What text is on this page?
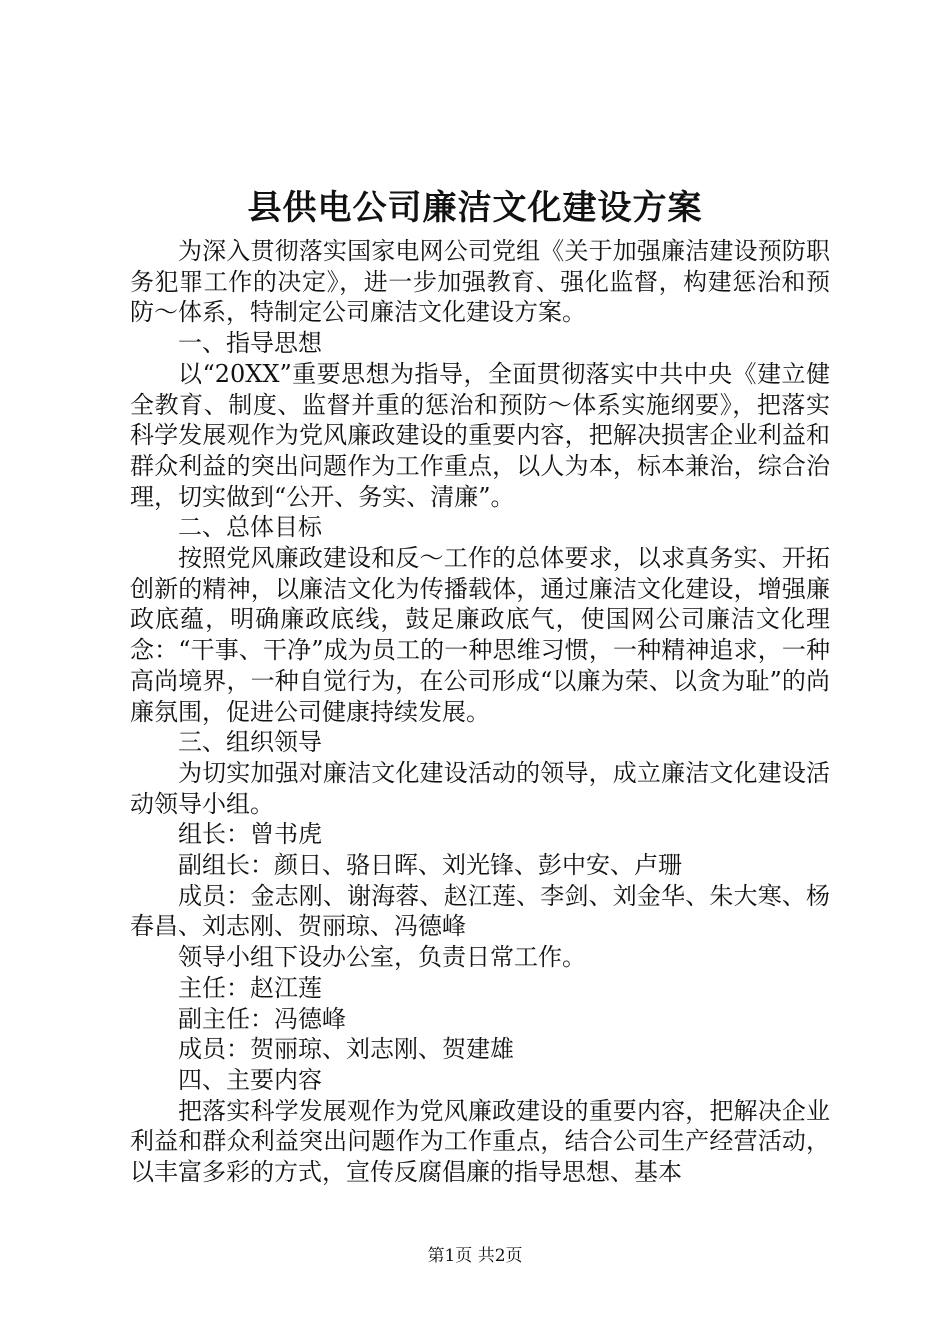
县供电公司廉洁文化建设方案

为深入贯彻落实国家电网公司党组《关于加强廉洁建设预防职务犯罪工作的决定》，进一步加强教育、强化监督，构建惩治和预防～体系，特制定公司廉洁文化建设方案。

一、指导思想

以“20XX”重要思想为指导，全面贯彻落实中共中央《建立健全教育、制度、监督并重的惩治和预防～体系实施纲要》，把落实科学发展观作为党风廉政建设的重要内容，把解决损害企业利益和群众利益的突出问题作为工作重点，以人为本，标本兼治，综合治理，切实做到“公开、务实、清廉”。

二、总体目标

按照党风廉政建设和反～工作的总体要求，以求真务实、开拓创新的精神，以廉洁文化为传播载体，通过廉洁文化建设，增强廉政底蕴，明确廉政底线，鼓足廉政底气，使国网公司廉洁文化理念：“干事、干净”成为员工的一种思维习惯，一种精神追求，一种高尚境界，一种自觉行为，在公司形成“以廉为荣、以贪为耻”的尚廉氛围，促进公司健康持续发展。

三、组织领导

为切实加强对廉洁文化建设活动的领导，成立廉洁文化建设活动领导小组。

组长：曾书虎

副组长：颜日、骆日晖、刘光锋、彭中安、卢珊

成员：金志刚、谢海蓉、赵江莲、李剑、刘金华、朱大寒、杨春昌、刘志刚、贺丽琼、冯德峰

领导小组下设办公室，负责日常工作。

主任：赵江莲

副主任：冯德峰

成员：贺丽琼、刘志刚、贺建雄

四、主要内容

把落实科学发展观作为党风廉政建设的重要内容，把解决企业利益和群众利益突出问题作为工作重点，结合公司生产经营活动，以丰富多彩的方式，宣传反腐倡廉的指导思想、基本

第1页 共2页
